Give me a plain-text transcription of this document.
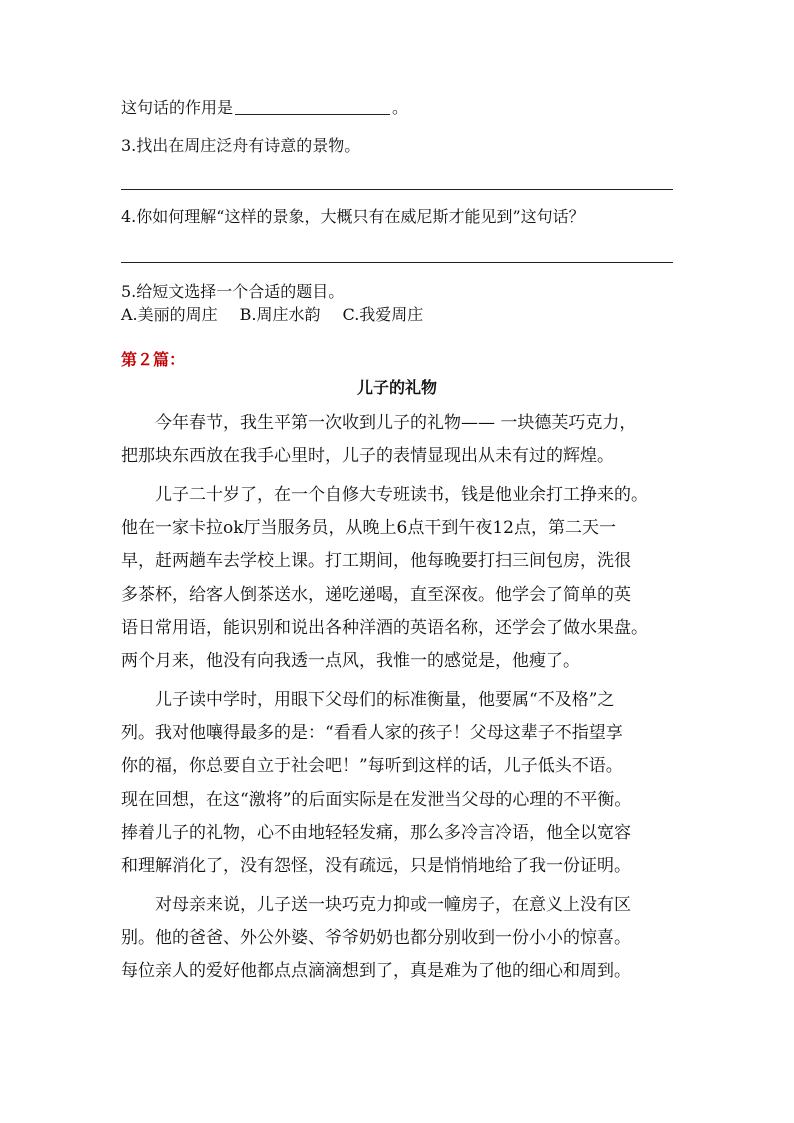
这句话的作用是	。
3.找出在周庄泛舟有诗意的景物。
4.你如何理解“这样的景象，大概只有在威尼斯才能见到”这句话？
5.给短文选择一个合适的题目。
A.美丽的周庄 B.周庄水韵 C.我爱周庄
第２篇：
儿子的礼物
　　今年春节，我生平第一次收到儿子的礼物—— 一块德芙巧克力，
把那块东西放在我手心里时，儿子的表情显现出从未有过的辉煌。
　　儿子二十岁了，在一个自修大专班读书，钱是他业余打工挣来的。
他在一家卡拉ok厅当服务员，从晚上6点干到午夜12点，第二天一
早，赶两趟车去学校上课。打工期间，他每晚要打扫三间包房，洗很
多茶杯，给客人倒茶送水，递吃递喝，直至深夜。他学会了简单的英
语日常用语，能识别和说出各种洋酒的英语名称，还学会了做水果盘。
两个月来，他没有向我透一点风，我惟一的感觉是，他瘦了。
　　儿子读中学时，用眼下父母们的标准衡量，他要属“不及格”之
列。我对他嚷得最多的是：“看看人家的孩子！父母这辈子不指望享
你的福，你总要自立于社会吧！”每听到这样的话，儿子低头不语。
现在回想，在这“激将”的后面实际是在发泄当父母的心理的不平衡。
捧着儿子的礼物，心不由地轻轻发痛，那么多冷言冷语，他全以宽容
和理解消化了，没有怨怪，没有疏远，只是悄悄地给了我一份证明。
　　对母亲来说，儿子送一块巧克力抑或一幢房子，在意义上没有区
别。他的爸爸、外公外婆、爷爷奶奶也都分别收到一份小小的惊喜。
每位亲人的爱好他都点点滴滴想到了，真是难为了他的细心和周到。
